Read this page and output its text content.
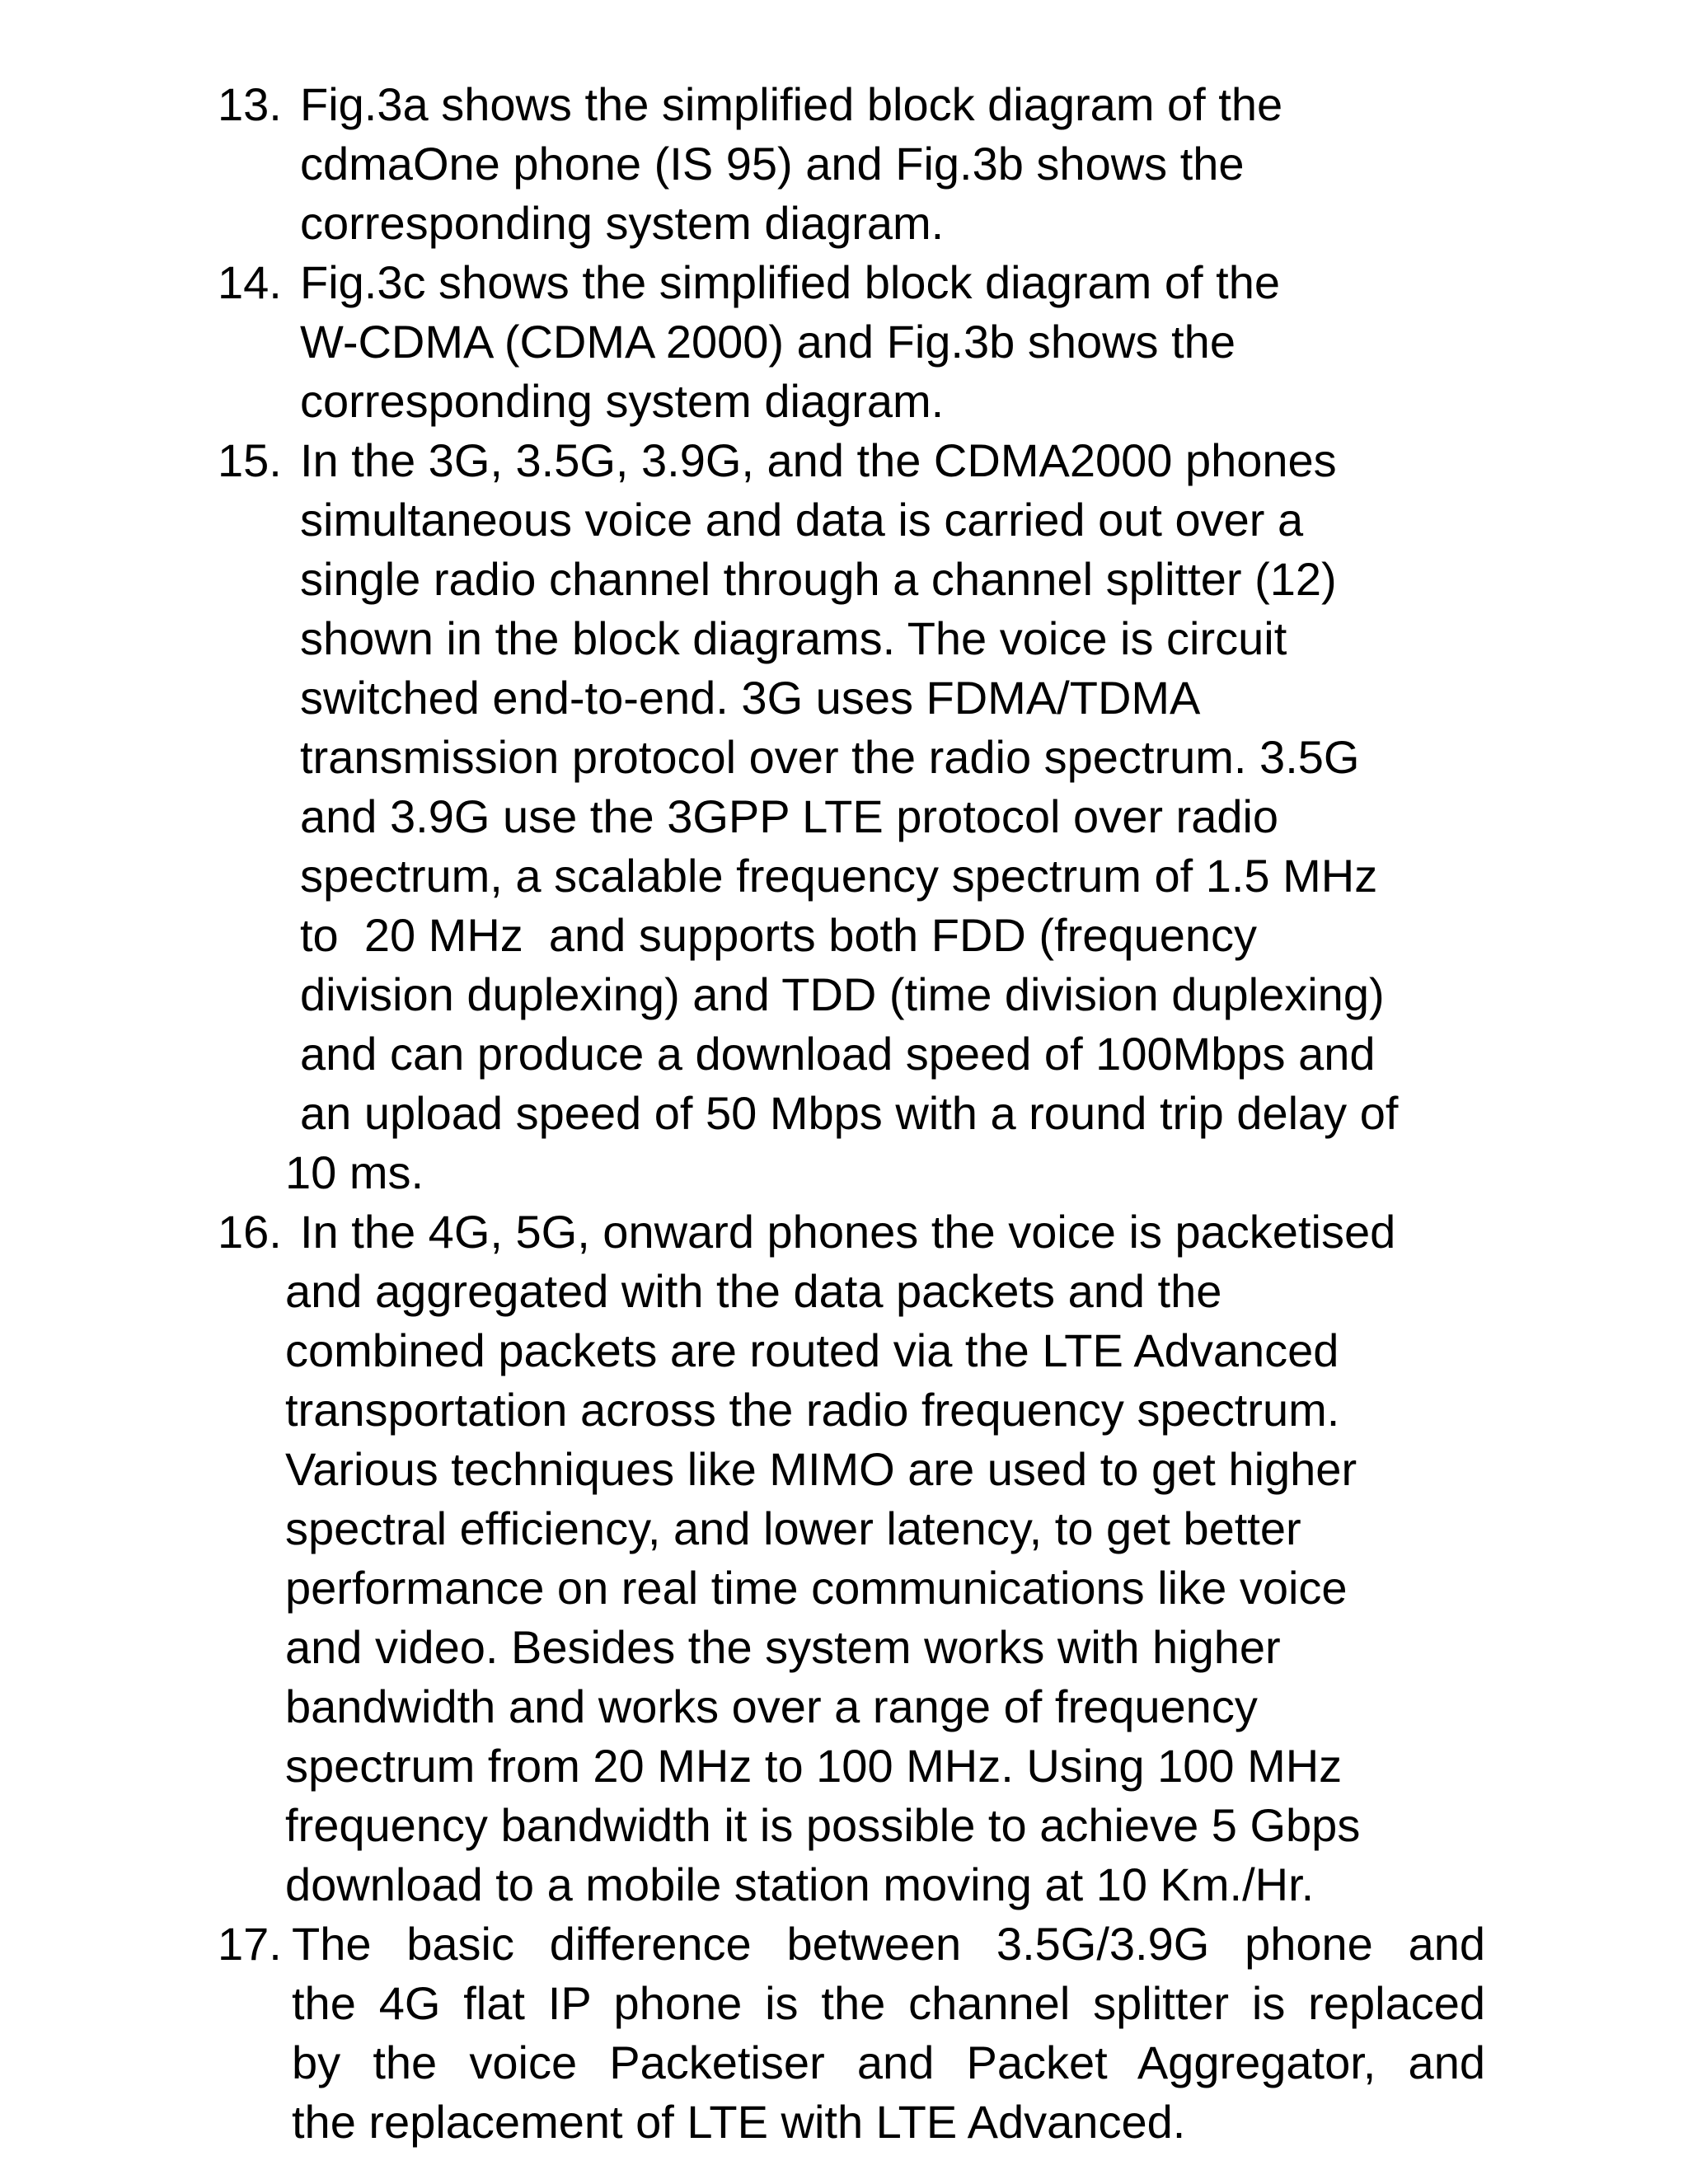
13. Fig.3a shows the simplified block diagram of the
cdmaOne phone (IS 95) and Fig.3b shows the
corresponding system diagram.
14. Fig.3c shows the simplified block diagram of the
W-CDMA (CDMA 2000) and Fig.3b shows the
corresponding system diagram.
15. In the 3G, 3.5G, 3.9G, and the CDMA2000 phones
simultaneous voice and data is carried out over a
single radio channel through a channel splitter (12)
shown in the block diagrams. The voice is circuit
switched end-to-end. 3G uses FDMA/TDMA
transmission protocol over the radio spectrum. 3.5G
and 3.9G use the 3GPP LTE protocol over radio
spectrum, a scalable frequency spectrum of 1.5 MHz
to  20 MHz  and supports both FDD (frequency
division duplexing) and TDD (time division duplexing)
and can produce a download speed of 100Mbps and
an upload speed of 50 Mbps with a round trip delay of
10 ms.
16. In the 4G, 5G, onward phones the voice is packetised
and aggregated with the data packets and the
combined packets are routed via the LTE Advanced
transportation across the radio frequency spectrum.
Various techniques like MIMO are used to get higher
spectral efficiency, and lower latency, to get better
performance on real time communications like voice
and video. Besides the system works with higher
bandwidth and works over a range of frequency
spectrum from 20 MHz to 100 MHz. Using 100 MHz
frequency bandwidth it is possible to achieve 5 Gbps
download to a mobile station moving at 10 Km./Hr.
17. The basic difference between 3.5G/3.9G phone and
the 4G flat IP phone is the channel splitter is replaced
by the voice Packetiser and Packet Aggregator, and
the replacement of LTE with LTE Advanced.
